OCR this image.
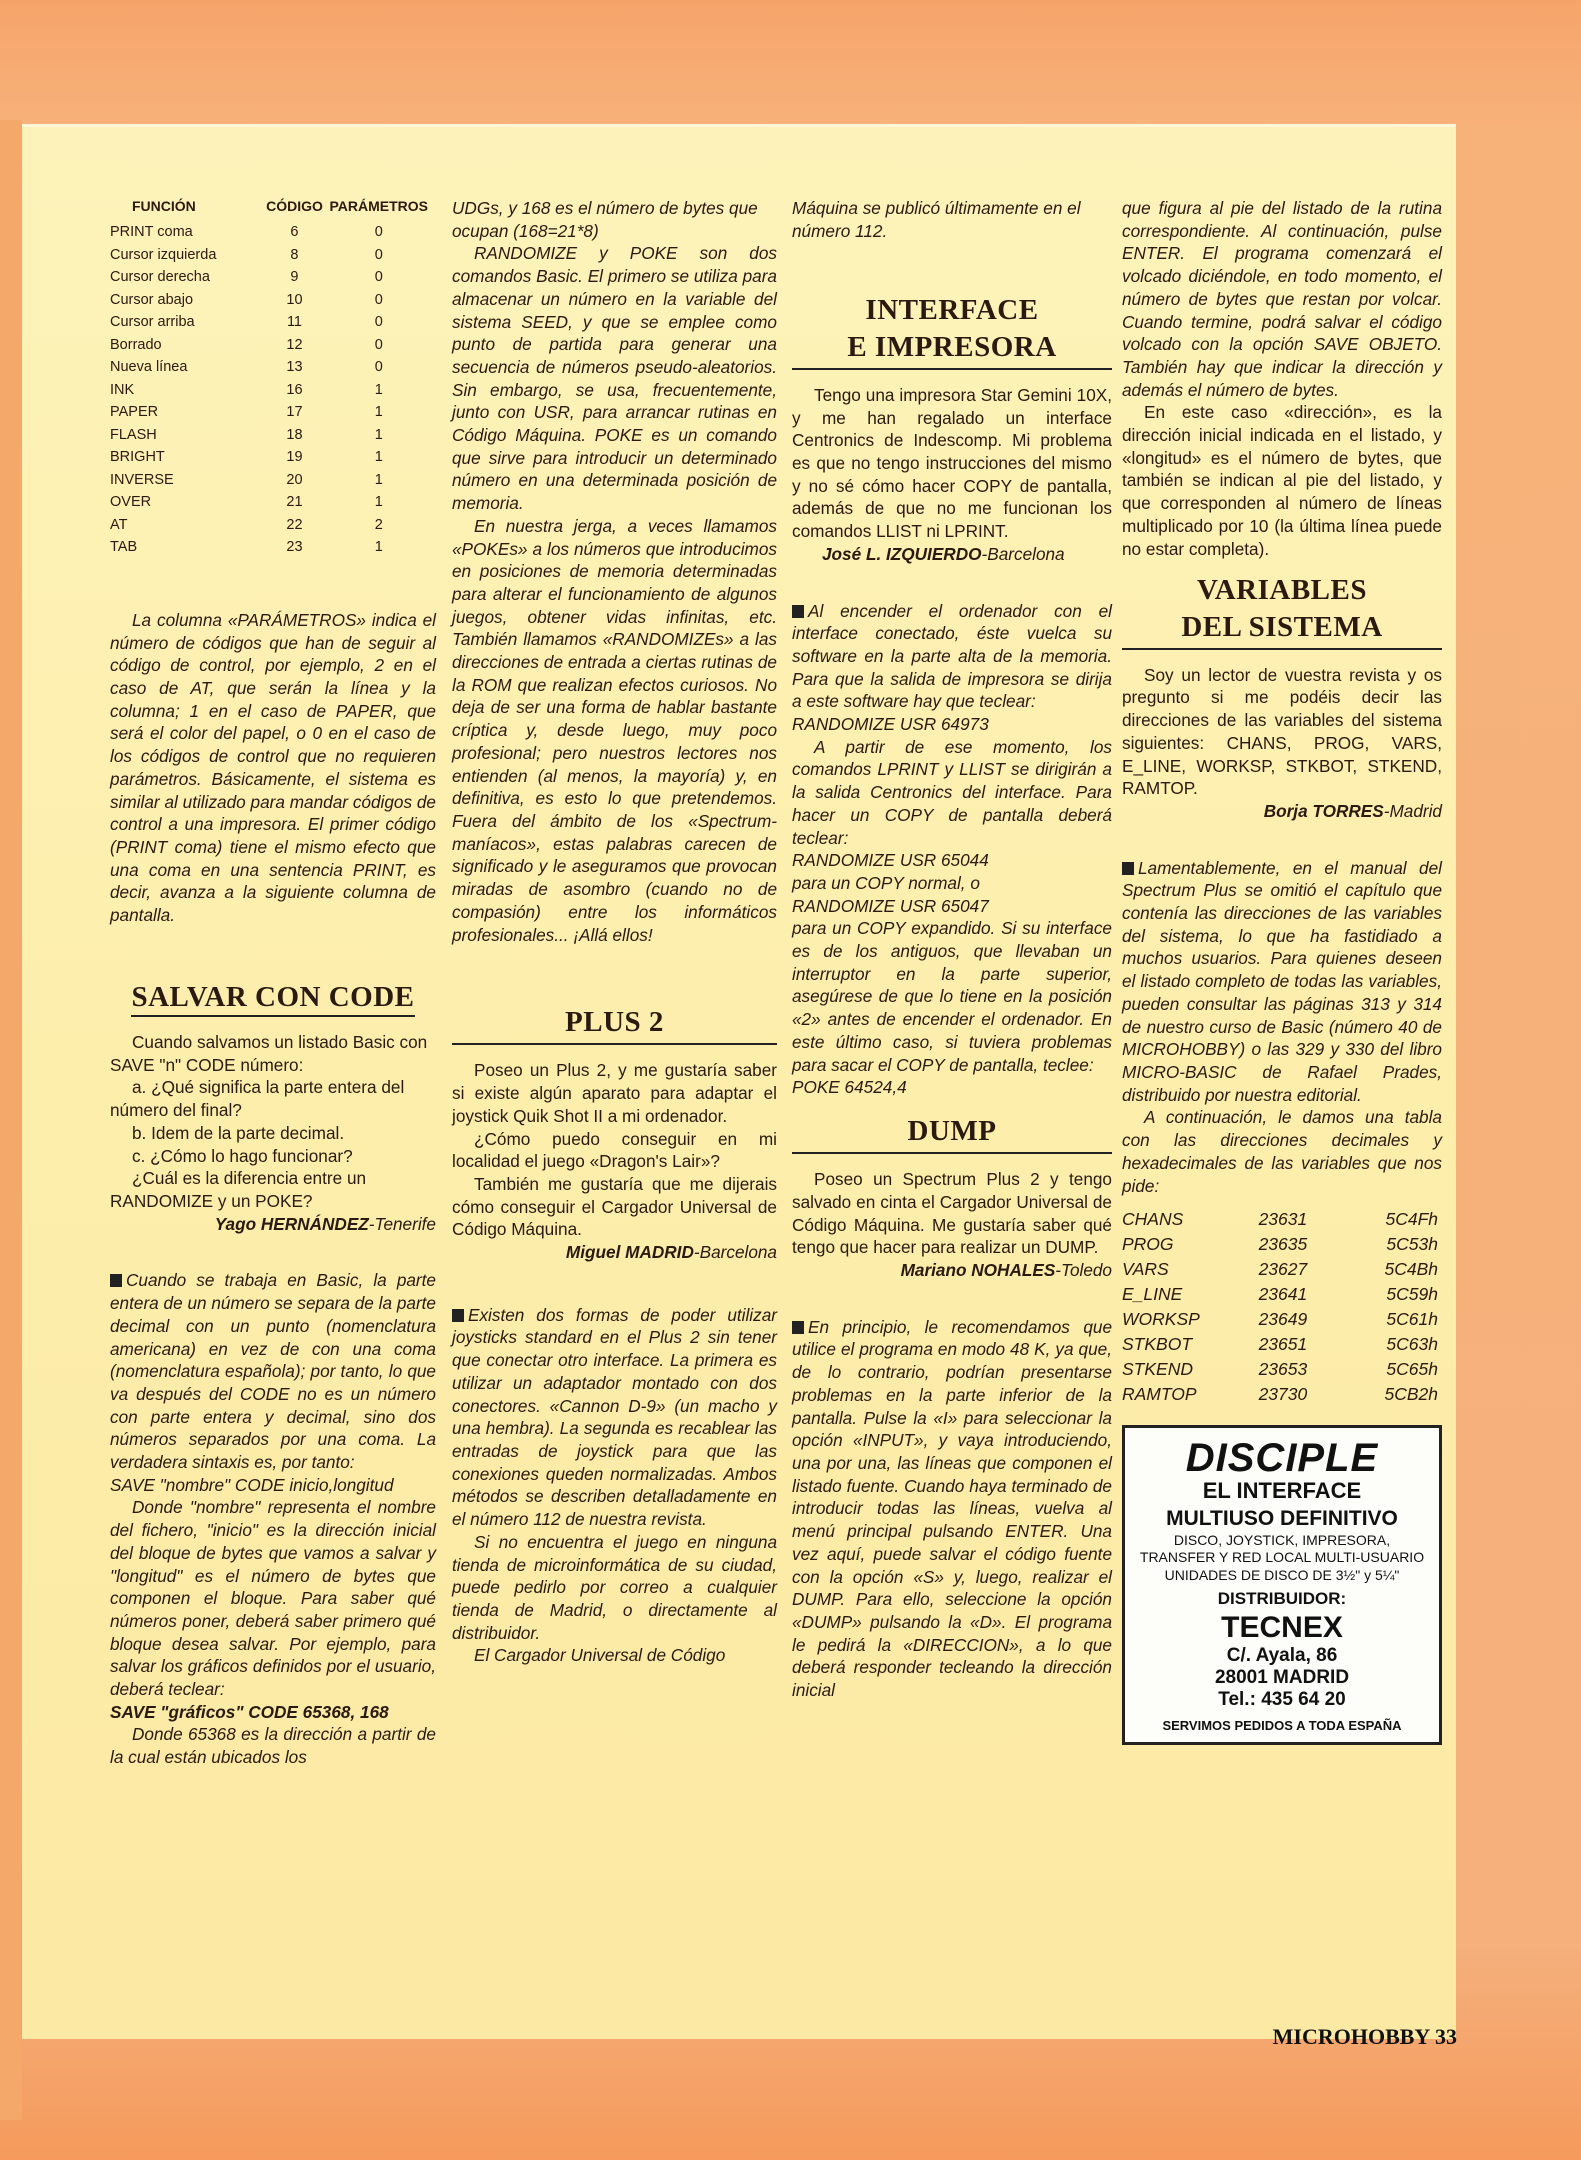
FUNCIÓN	CÓDIGO	PARÁMETROS
PRINT coma	6	0
Cursor izquierda	8	0
Cursor derecha	9	0
Cursor abajo	10	0
Cursor arriba	11	0
Borrado	12	0
Nueva línea	13	0
INK	16	1
PAPER	17	1
FLASH	18	1
BRIGHT	19	1
INVERSE	20	1
OVER	21	1
AT	22	2
TAB	23	1

La columna «PARÁMETROS» indica el número de códigos que han de seguir al código de control, por ejemplo, 2 en el caso de AT, que serán la línea y la columna; 1 en el caso de PAPER, que será el color del papel, o 0 en el caso de los códigos de control que no requieren parámetros. Básicamente, el sistema es similar al utilizado para mandar códigos de control a una impresora. El primer código (PRINT coma) tiene el mismo efecto que una coma en una sentencia PRINT, es decir, avanza a la siguiente columna de pantalla.

SALVAR CON CODE

Cuando salvamos un listado Basic con SAVE "n" CODE número:

a. ¿Qué significa la parte entera del número del final?

b. Idem de la parte decimal.

c. ¿Cómo lo hago funcionar?

¿Cuál es la diferencia entre un RANDOMIZE y un POKE?

Yago HERNÁNDEZ-Tenerife

Cuando se trabaja en Basic, la parte entera de un número se separa de la parte decimal con un punto (nomenclatura americana) en vez de con una coma (nomenclatura española); por tanto, lo que va después del CODE no es un número con parte entera y decimal, sino dos números separados por una coma. La verdadera sintaxis es, por tanto:

SAVE "nombre" CODE inicio,longitud

Donde "nombre" representa el nombre del fichero, "inicio" es la dirección inicial del bloque de bytes que vamos a salvar y "longitud" es el número de bytes que componen el bloque. Para saber qué números poner, deberá saber primero qué bloque desea salvar. Por ejemplo, para salvar los gráficos definidos por el usuario, deberá teclear:

SAVE "gráficos" CODE 65368, 168

Donde 65368 es la dirección a partir de la cual están ubicados los

UDGs, y 168 es el número de bytes que ocupan (168=21*8)

RANDOMIZE y POKE son dos comandos Basic. El primero se utiliza para almacenar un número en la variable del sistema SEED, y que se emplee como punto de partida para generar una secuencia de números pseudo-aleatorios. Sin embargo, se usa, frecuentemente, junto con USR, para arrancar rutinas en Código Máquina. POKE es un comando que sirve para introducir un determinado número en una determinada posición de memoria.

En nuestra jerga, a veces llamamos «POKEs» a los números que introducimos en posiciones de memoria determinadas para alterar el funcionamiento de algunos juegos, obtener vidas infinitas, etc. También llamamos «RANDOMIZEs» a las direcciones de entrada a ciertas rutinas de la ROM que realizan efectos curiosos. No deja de ser una forma de hablar bastante críptica y, desde luego, muy poco profesional; pero nuestros lectores nos entienden (al menos, la mayoría) y, en definitiva, es esto lo que pretendemos. Fuera del ámbito de los «Spectrum-maníacos», estas palabras carecen de significado y le aseguramos que provocan miradas de asombro (cuando no de compasión) entre los informáticos profesionales... ¡Allá ellos!

PLUS 2

Poseo un Plus 2, y me gustaría saber si existe algún aparato para adaptar el joystick Quik Shot II a mi ordenador.

¿Cómo puedo conseguir en mi localidad el juego «Dragon's Lair»?

También me gustaría que me dijerais cómo conseguir el Cargador Universal de Código Máquina.

Miguel MADRID-Barcelona

Existen dos formas de poder utilizar joysticks standard en el Plus 2 sin tener que conectar otro interface. La primera es utilizar un adaptador montado con dos conectores. «Cannon D-9» (un macho y una hembra). La segunda es recablear las entradas de joystick para que las conexiones queden normalizadas. Ambos métodos se describen detalladamente en el número 112 de nuestra revista.

Si no encuentra el juego en ninguna tienda de microinformática de su ciudad, puede pedirlo por correo a cualquier tienda de Madrid, o directamente al distribuidor.

El Cargador Universal de Código

Máquina se publicó últimamente en el número 112.

INTERFACE
E IMPRESORA

Tengo una impresora Star Gemini 10X, y me han regalado un interface Centronics de Indescomp. Mi problema es que no tengo instrucciones del mismo y no sé cómo hacer COPY de pantalla, además de que no me funcionan los comandos LLIST ni LPRINT.

José L. IZQUIERDO-Barcelona

Al encender el ordenador con el interface conectado, éste vuelca su software en la parte alta de la memoria. Para que la salida de impresora se dirija a este software hay que teclear:

RANDOMIZE USR 64973

A partir de ese momento, los comandos LPRINT y LLIST se dirigirán a la salida Centronics del interface. Para hacer un COPY de pantalla deberá teclear:

RANDOMIZE USR 65044

para un COPY normal, o

RANDOMIZE USR 65047

para un COPY expandido. Si su interface es de los antiguos, que llevaban un interruptor en la parte superior, asegúrese de que lo tiene en la posición «2» antes de encender el ordenador. En este último caso, si tuviera problemas para sacar el COPY de pantalla, teclee:

POKE 64524,4

DUMP

Poseo un Spectrum Plus 2 y tengo salvado en cinta el Cargador Universal de Código Máquina. Me gustaría saber qué tengo que hacer para realizar un DUMP.

Mariano NOHALES-Toledo

En principio, le recomendamos que utilice el programa en modo 48 K, ya que, de lo contrario, podrían presentarse problemas en la parte inferior de la pantalla. Pulse la «I» para seleccionar la opción «INPUT», y vaya introduciendo, una por una, las líneas que componen el listado fuente. Cuando haya terminado de introducir todas las líneas, vuelva al menú principal pulsando ENTER. Una vez aquí, puede salvar el código fuente con la opción «S» y, luego, realizar el DUMP. Para ello, seleccione la opción «DUMP» pulsando la «D». El programa le pedirá la «DIRECCION», a lo que deberá responder tecleando la dirección inicial

que figura al pie del listado de la rutina correspondiente. Al continuación, pulse ENTER. El programa comenzará el volcado diciéndole, en todo momento, el número de bytes que restan por volcar. Cuando termine, podrá salvar el código volcado con la opción SAVE OBJETO. También hay que indicar la dirección y además el número de bytes.

En este caso «dirección», es la dirección inicial indicada en el listado, y «longitud» es el número de bytes, que también se indican al pie del listado, y que corresponden al número de líneas multiplicado por 10 (la última línea puede no estar completa).

VARIABLES
DEL SISTEMA

Soy un lector de vuestra revista y os pregunto si me podéis decir las direcciones de las variables del sistema siguientes: CHANS, PROG, VARS, E_LINE, WORKSP, STKBOT, STKEND, RAMTOP.

Borja TORRES-Madrid

Lamentablemente, en el manual del Spectrum Plus se omitió el capítulo que contenía las direcciones de las variables del sistema, lo que ha fastidiado a muchos usuarios. Para quienes deseen el listado completo de todas las variables, pueden consultar las páginas 313 y 314 de nuestro curso de Basic (número 40 de MICROHOBBY) o las 329 y 330 del libro MICRO-BASIC de Rafael Prades, distribuido por nuestra editorial.

A continuación, le damos una tabla con las direcciones decimales y hexadecimales de las variables que nos pide:

CHANS	23631	5C4Fh
PROG	23635	5C53h
VARS	23627	5C4Bh
E_LINE	23641	5C59h
WORKSP	23649	5C61h
STKBOT	23651	5C63h
STKEND	23653	5C65h
RAMTOP	23730	5CB2h
DISCIPLE
EL INTERFACE
MULTIUSO DEFINITIVO
DISCO, JOYSTICK, IMPRESORA,
TRANSFER Y RED LOCAL MULTI-USUARIO
UNIDADES DE DISCO DE 3½" y 5¼"
DISTRIBUIDOR:
TECNEX
C/. Ayala, 86
28001 MADRID
Tel.: 435 64 20
SERVIMOS PEDIDOS A TODA ESPAÑA
MICROHOBBY 33
